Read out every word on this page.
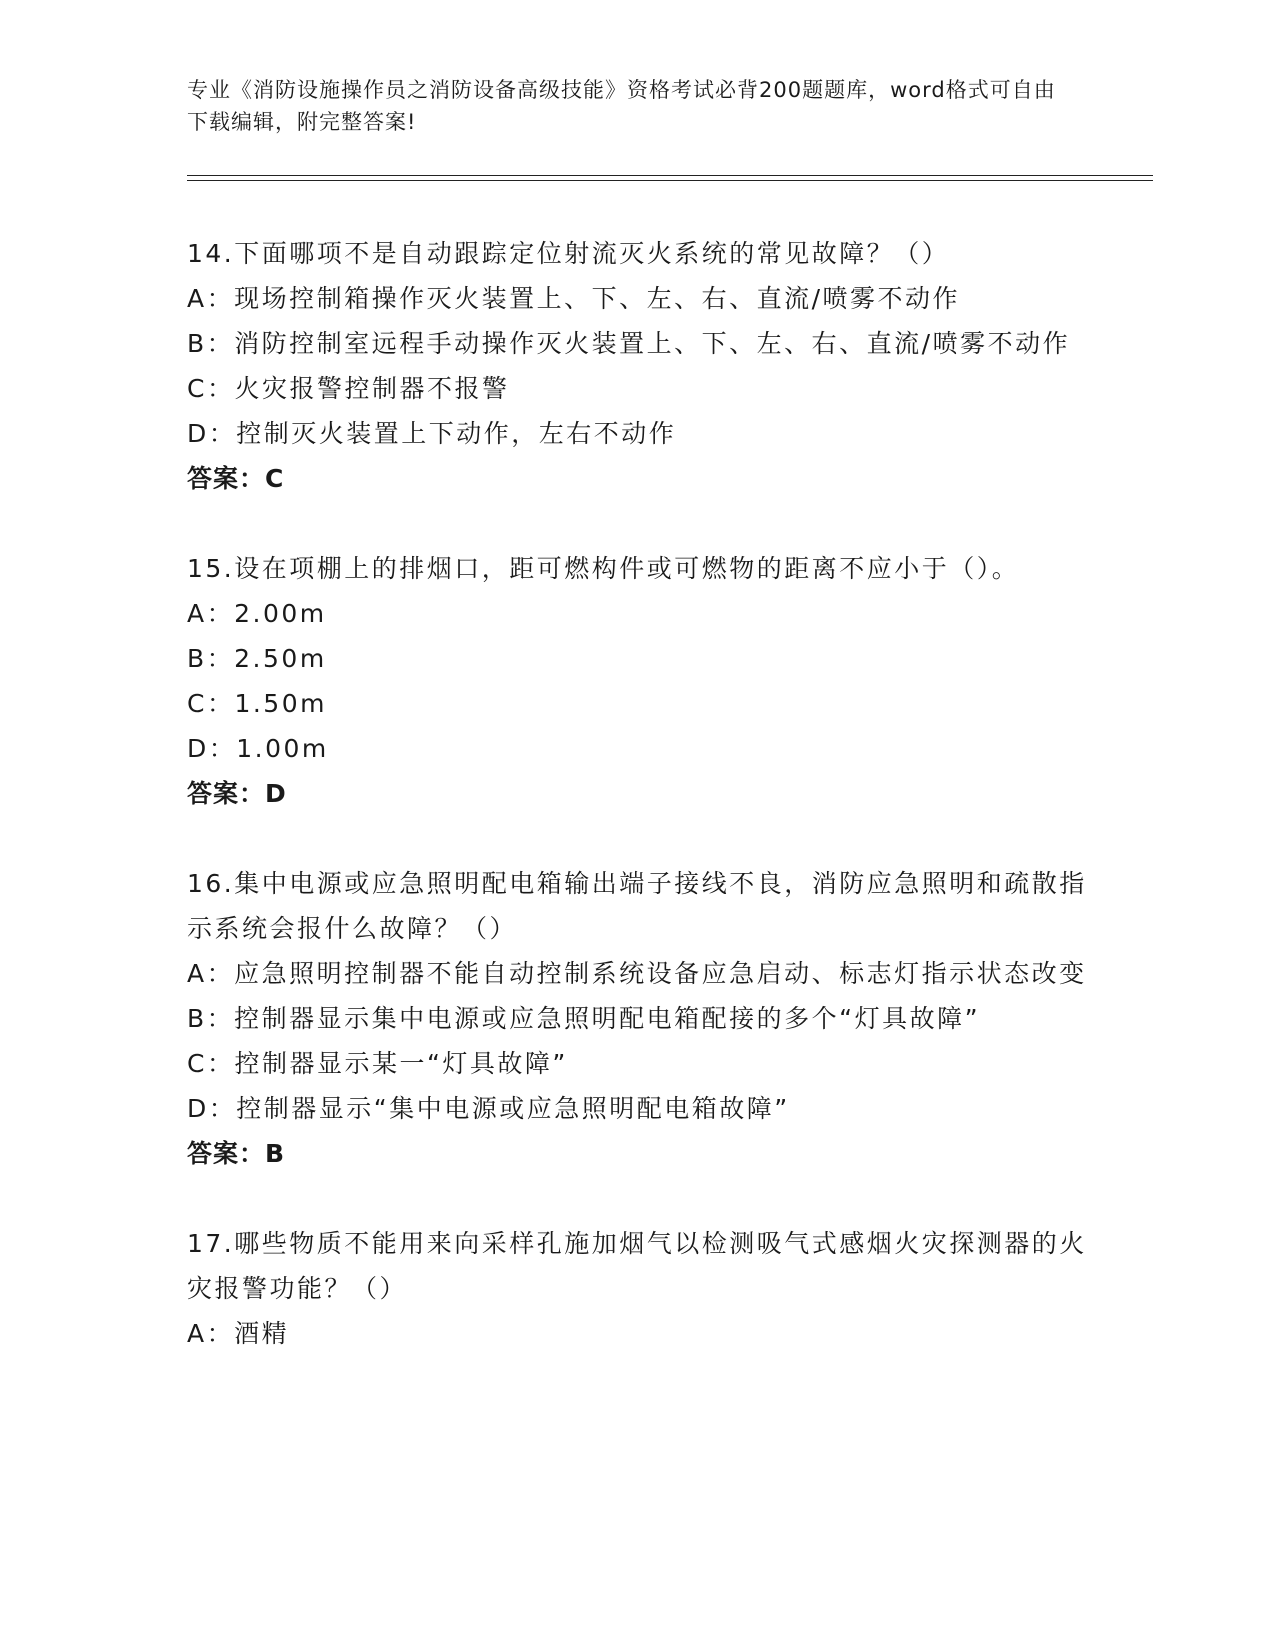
专业《消防设施操作员之消防设备高级技能》资格考试必背200题题库，word格式可自由下载编辑，附完整答案!
14.下面哪项不是自动跟踪定位射流灭火系统的常见故障？（）
A：现场控制箱操作灭火装置上、下、左、右、直流/喷雾不动作
B：消防控制室远程手动操作灭火装置上、下、左、右、直流/喷雾不动作
C：火灾报警控制器不报警
D：控制灭火装置上下动作，左右不动作
答案：C
15.设在项棚上的排烟口，距可燃构件或可燃物的距离不应小于（）。
A：2.00m
B：2.50m
C：1.50m
D：1.00m
答案：D
16.集中电源或应急照明配电箱输出端子接线不良，消防应急照明和疏散指示系统会报什么故障？（）
A：应急照明控制器不能自动控制系统设备应急启动、标志灯指示状态改变
B：控制器显示集中电源或应急照明配电箱配接的多个“灯具故障”
C：控制器显示某一“灯具故障”
D：控制器显示“集中电源或应急照明配电箱故障”
答案：B
17.哪些物质不能用来向采样孔施加烟气以检测吸气式感烟火灾探测器的火灾报警功能？（）
A：酒精
